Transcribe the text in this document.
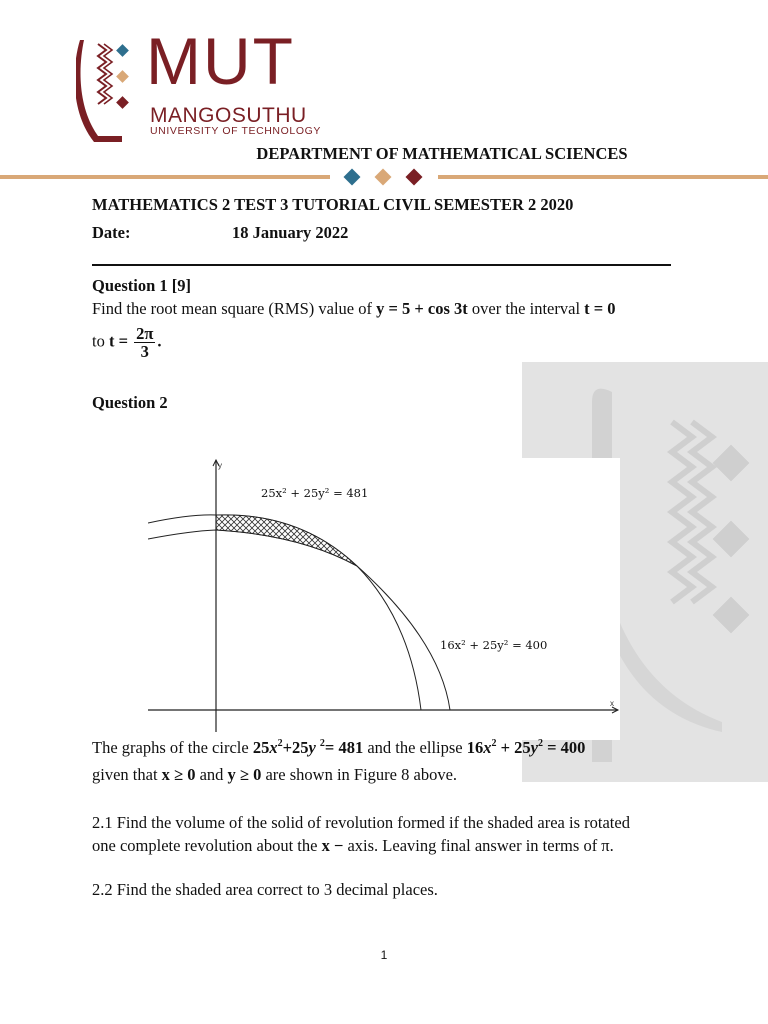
MUT
MANGOSUTHU
UNIVERSITY OF TECHNOLOGY
DEPARTMENT OF MATHEMATICAL SCIENCES
MATHEMATICS 2 TEST 3 TUTORIAL CIVIL SEMESTER 2 2020
Date:	18 January 2022
Question 1 [9]
Find the root mean square (RMS) value of y = 5 + cos 3t over the interval t = 0
to $t = \frac{2\pi}{3}$ .
Question 2
y
x
25x² + 25y² = 481
16x² + 25y² = 400
The graphs of the circle $25x^2+25y$ $^2$= 481 and the ellipse $16x^2 + 25y^2 = 400$
given that x ≥ 0 and y ≥ 0 are shown in Figure 8 above.
2.1 Find the volume of the solid of revolution formed if the shaded area is rotated
one complete revolution about the x − axis. Leaving final answer in terms of π.
2.2 Find the shaded area correct to 3 decimal places.
1
